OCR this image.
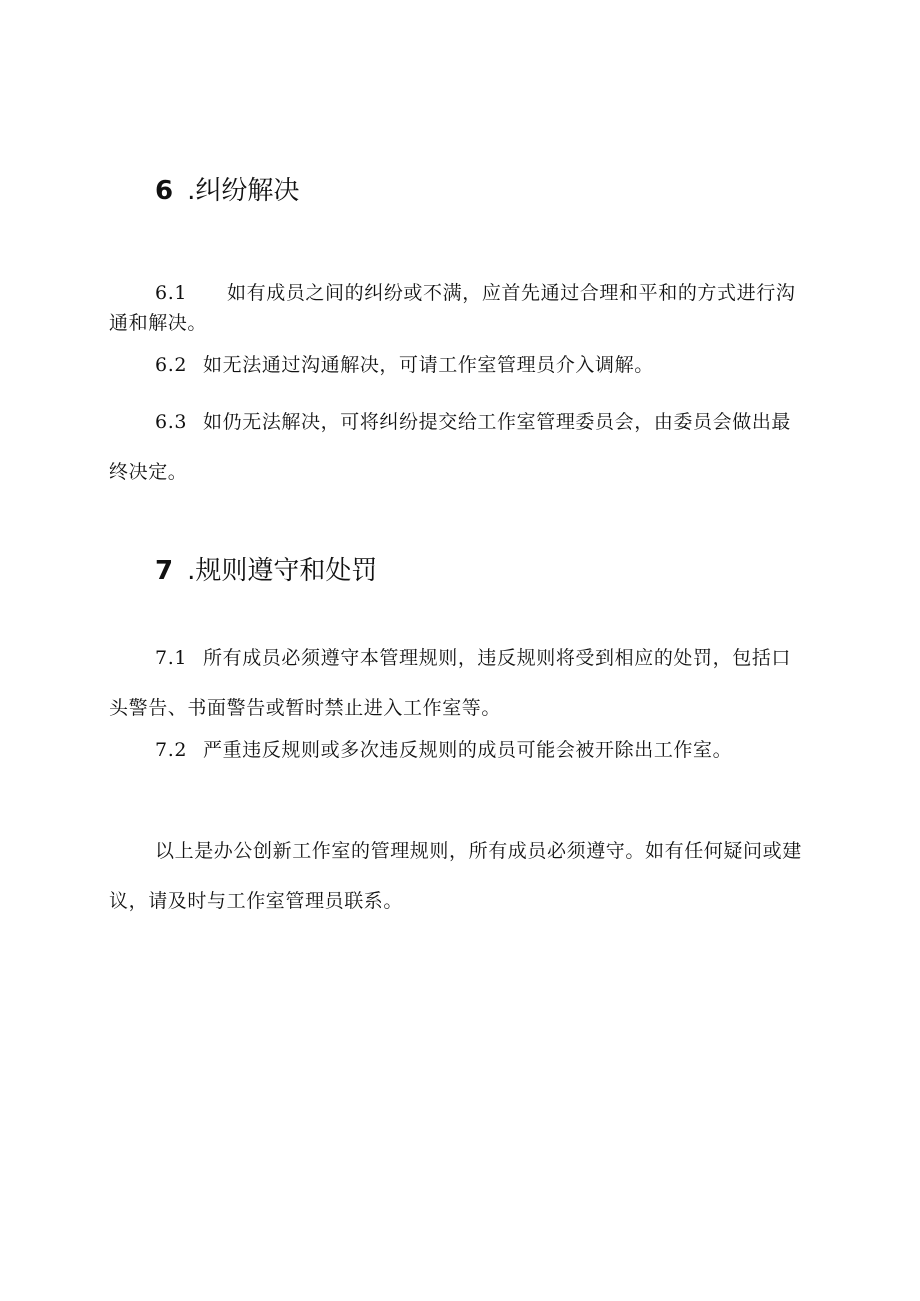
6 .纠纷解决

6.1 如有成员之间的纠纷或不满，应首先通过合理和平和的方式进行沟通和解决。

6.2 如无法通过沟通解决，可请工作室管理员介入调解。

6.3 如仍无法解决，可将纠纷提交给工作室管理委员会，由委员会做出最终决定。

7 .规则遵守和处罚

7.1 所有成员必须遵守本管理规则，违反规则将受到相应的处罚，包括口头警告、书面警告或暂时禁止进入工作室等。

7.2 严重违反规则或多次违反规则的成员可能会被开除出工作室。

以上是办公创新工作室的管理规则，所有成员必须遵守。如有任何疑问或建议，请及时与工作室管理员联系。
